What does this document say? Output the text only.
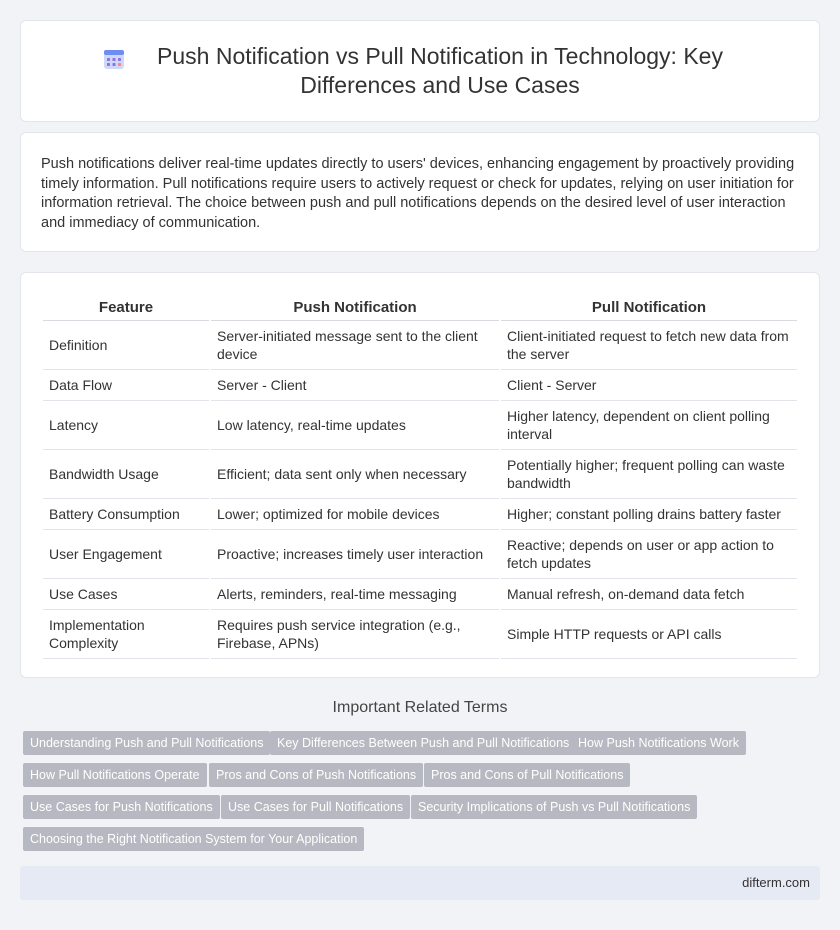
Push Notification vs Pull Notification in Technology: Key Differences and Use Cases

Push notifications deliver real-time updates directly to users' devices, enhancing engagement by proactively providing timely information. Pull notifications require users to actively request or check for updates, relying on user initiation for information retrieval. The choice between push and pull notifications depends on the desired level of user interaction and immediacy of communication.

Feature	Push Notification	Pull Notification
Definition	Server-initiated message sent to the client device	Client-initiated request to fetch new data from the server
Data Flow	Server - Client	Client - Server
Latency	Low latency, real-time updates	Higher latency, dependent on client polling interval
Bandwidth Usage	Efficient; data sent only when necessary	Potentially higher; frequent polling can waste bandwidth
Battery Consumption	Lower; optimized for mobile devices	Higher; constant polling drains battery faster
User Engagement	Proactive; increases timely user interaction	Reactive; depends on user or app action to fetch updates
Use Cases	Alerts, reminders, real-time messaging	Manual refresh, on-demand data fetch
Implementation Complexity	Requires push service integration (e.g., Firebase, APNs)	Simple HTTP requests or API calls
Important Related Terms
Understanding Push and Pull Notifications	Key Differences Between Push and Pull Notifications How Push Notifications Work
How Pull Notifications Operate	Pros and Cons of Push Notifications	Pros and Cons of Pull Notifications
Use Cases for Push Notifications	Use Cases for Pull Notifications	Security Implications of Push vs Pull Notifications
Choosing the Right Notification System for Your Application
difterm.com
